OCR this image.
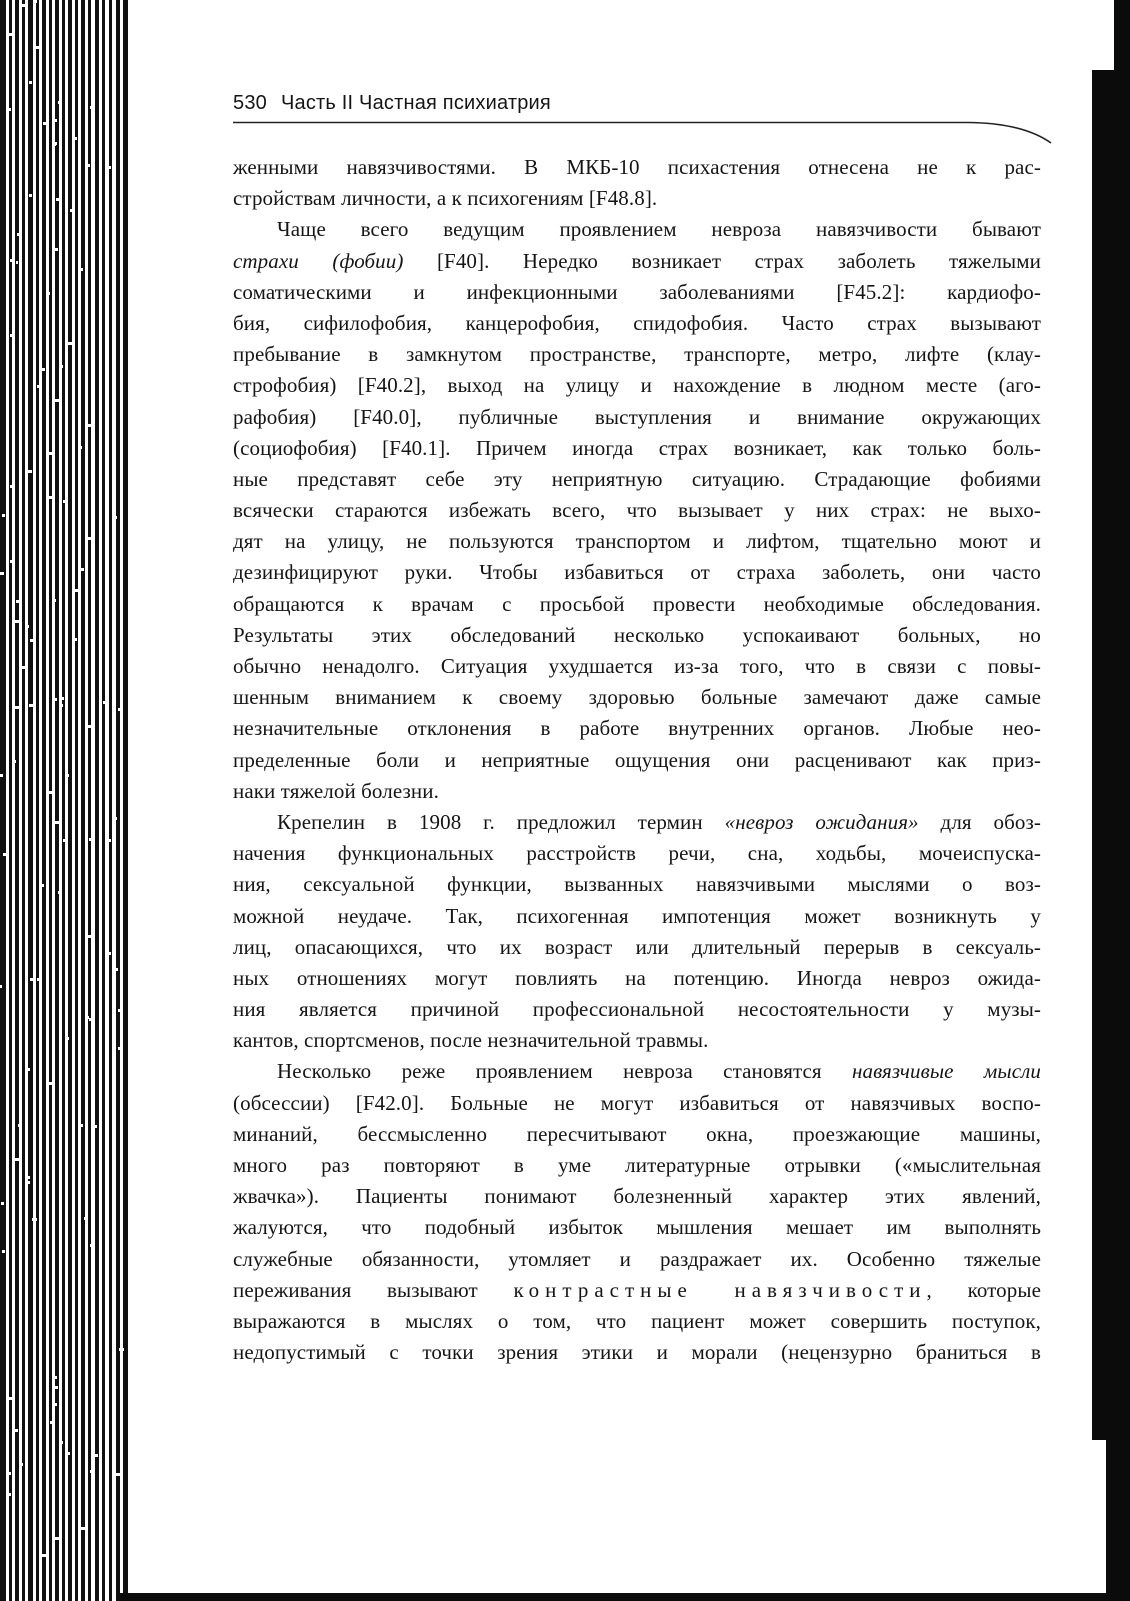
530 Часть II Частная психиатрия
женными навязчивостями. В МКБ-10 психастения отнесена не к рас-
стройствам личности, а к психогениям [F48.8].
Чаще всего ведущим проявлением невроза навязчивости бывают
страхи (фобии) [F40]. Нередко возникает страх заболеть тяжелыми
соматическими и инфекционными заболеваниями [F45.2]: кардиофо-
бия, сифилофобия, канцерофобия, спидофобия. Часто страх вызывают
пребывание в замкнутом пространстве, транспорте, метро, лифте (клау-
строфобия) [F40.2], выход на улицу и нахождение в людном месте (аго-
рафобия) [F40.0], публичные выступления и внимание окружающих
(социофобия) [F40.1]. Причем иногда страх возникает, как только боль-
ные представят себе эту неприятную ситуацию. Страдающие фобиями
всячески стараются избежать всего, что вызывает у них страх: не выхо-
дят на улицу, не пользуются транспортом и лифтом, тщательно моют и
дезинфицируют руки. Чтобы избавиться от страха заболеть, они часто
обращаются к врачам с просьбой провести необходимые обследования.
Результаты этих обследований несколько успокаивают больных, но
обычно ненадолго. Ситуация ухудшается из-за того, что в связи с повы-
шенным вниманием к своему здоровью больные замечают даже самые
незначительные отклонения в работе внутренних органов. Любые нео-
пределенные боли и неприятные ощущения они расценивают как приз-
наки тяжелой болезни.
Крепелин в 1908 г. предложил термин «невроз ожидания» для обоз-
начения функциональных расстройств речи, сна, ходьбы, мочеиспуска-
ния, сексуальной функции, вызванных навязчивыми мыслями о воз-
можной неудаче. Так, психогенная импотенция может возникнуть у
лиц, опасающихся, что их возраст или длительный перерыв в сексуаль-
ных отношениях могут повлиять на потенцию. Иногда невроз ожида-
ния является причиной профессиональной несостоятельности у музы-
кантов, спортсменов, после незначительной травмы.
Несколько реже проявлением невроза становятся навязчивые мысли
(обсессии) [F42.0]. Больные не могут избавиться от навязчивых воспо-
минаний, бессмысленно пересчитывают окна, проезжающие машины,
много раз повторяют в уме литературные отрывки («мыслительная
жвачка»). Пациенты понимают болезненный характер этих явлений,
жалуются, что подобный избыток мышления мешает им выполнять
служебные обязанности, утомляет и раздражает их. Особенно тяжелые
переживания вызывают контрастные навязчивости, которые
выражаются в мыслях о том, что пациент может совершить поступок,
недопустимый с точки зрения этики и морали (нецензурно браниться в
